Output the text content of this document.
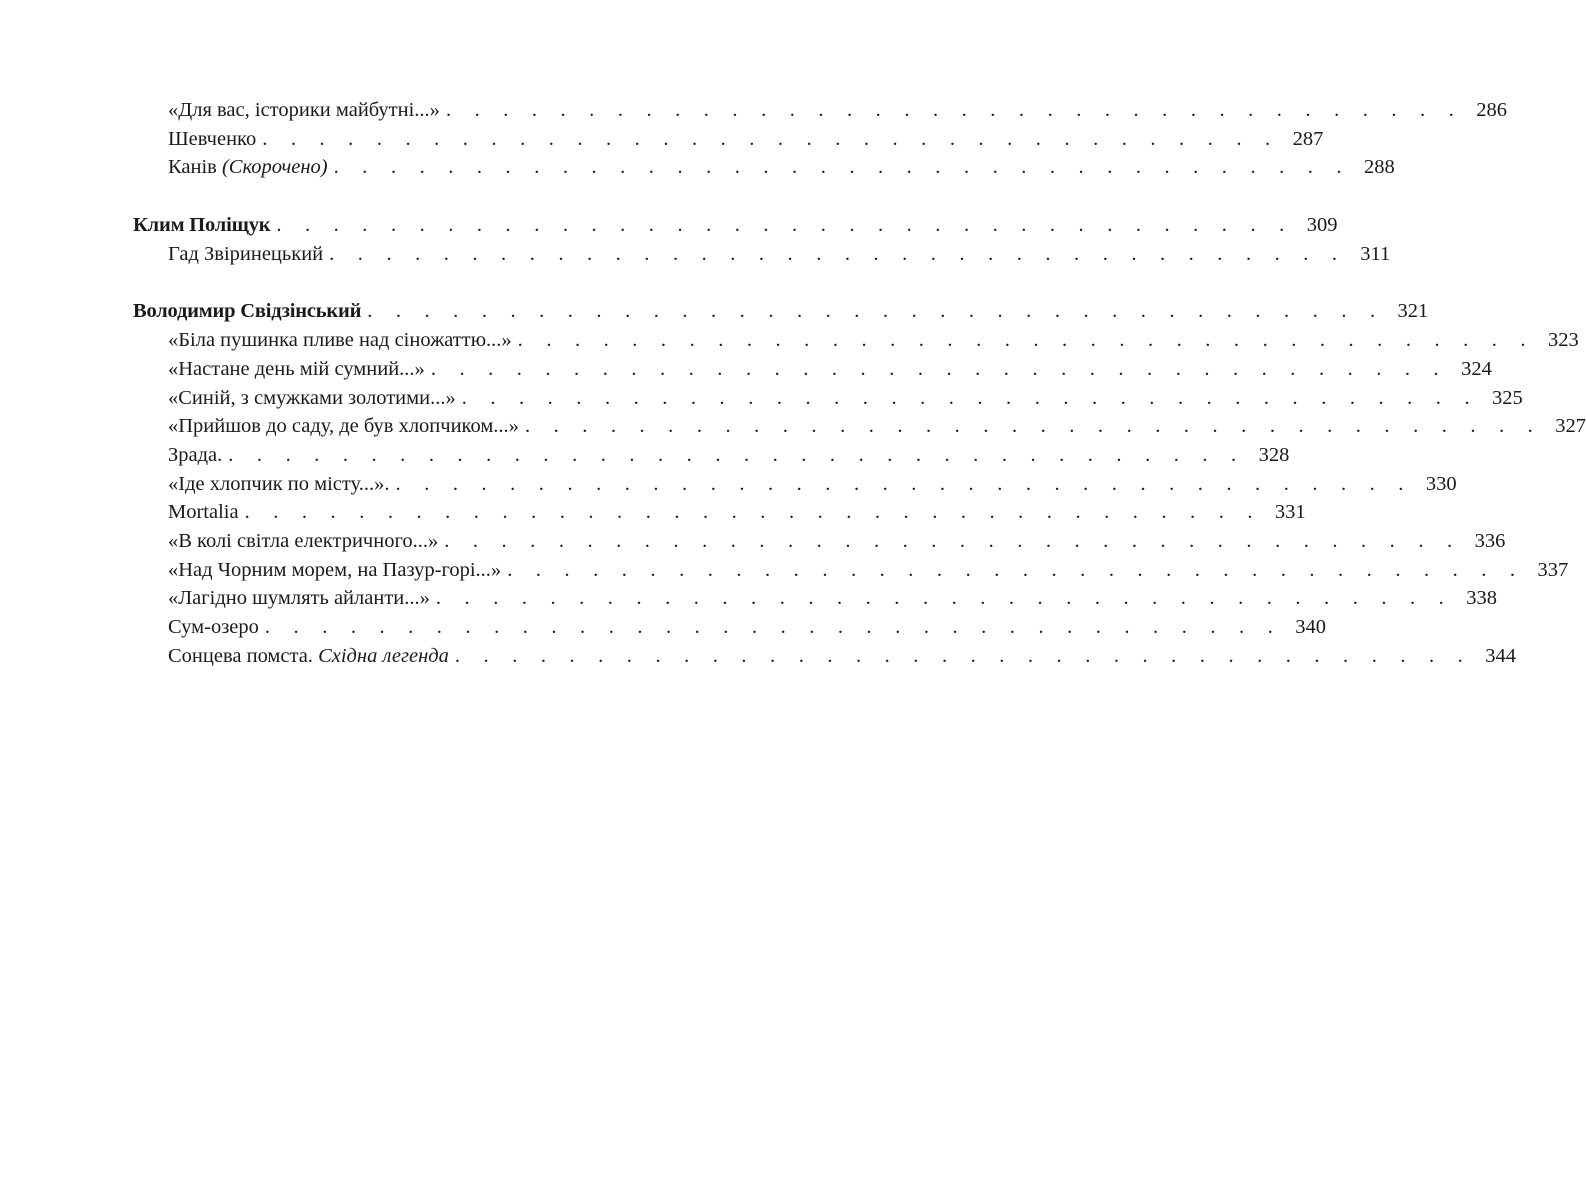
«Для вас, історики майбутні...» . . . . . . . . . . . . . . . . . . . . . . . . . . . . . . . . . . . . 286
Шевченко . . . . . . . . . . . . . . . . . . . . . . . . . . . . . . . . . . . . 287
Канів (Скорочено) . . . . . . . . . . . . . . . . . . . . . . . . . . . . . . . . . . . . 288
Клим Поліщук . . . . . . . . . . . . . . . . . . . . . . . . . . . . . . . . . . . . 309
Гад Звіринецький . . . . . . . . . . . . . . . . . . . . . . . . . . . . . . . . . . . . 311
Володимир Свідзінський . . . . . . . . . . . . . . . . . . . . . . . . . . . . . . . . . . . . 321
«Біла пушинка пливе над сіножаттю...» . . . . . . . . . . . . . . . . . . . . . . . . . . . . . . . . . . . . 323
«Настане день мій сумний...» . . . . . . . . . . . . . . . . . . . . . . . . . . . . . . . . . . . . 324
«Синій, з смужками золотими...» . . . . . . . . . . . . . . . . . . . . . . . . . . . . . . . . . . . . 325
«Прийшов до саду, де був хлопчиком...» . . . . . . . . . . . . . . . . . . . . . . . . . . . . . . . . . . . . 327
Зрада. . . . . . . . . . . . . . . . . . . . . . . . . . . . . . . . . . . . . 328
«Іде хлопчик по місту...». . . . . . . . . . . . . . . . . . . . . . . . . . . . . . . . . . . . . 330
Mortalia . . . . . . . . . . . . . . . . . . . . . . . . . . . . . . . . . . . . 331
«В колі світла електричного...» . . . . . . . . . . . . . . . . . . . . . . . . . . . . . . . . . . . . 336
«Над Чорним морем, на Пазур-горі...» . . . . . . . . . . . . . . . . . . . . . . . . . . . . . . . . . . . . 337
«Лагідно шумлять айланти...» . . . . . . . . . . . . . . . . . . . . . . . . . . . . . . . . . . . . 338
Сум-озеро . . . . . . . . . . . . . . . . . . . . . . . . . . . . . . . . . . . . 340
Сонцева помста. Східна легенда . . . . . . . . . . . . . . . . . . . . . . . . . . . . . . . . . . . . 344
